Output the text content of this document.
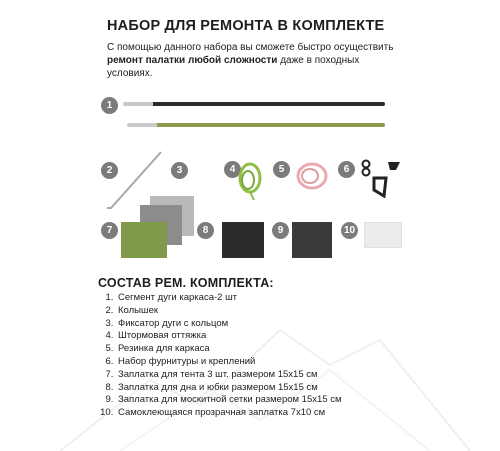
НАБОР ДЛЯ РЕМОНТА В КОМПЛЕКТЕ
С помощью данного набора вы сможете быстро осуществить ремонт палатки любой сложности даже в походных условиях.
1
2	3	4	5	6
7	8	9	10
СОСТАВ РЕМ. КОМПЛЕКТА:
1. Сегмент дуги каркаса-2 шт
2. Колышек
3. Фиксатор дуги с кольцом
4. Штормовая оттяжка
5. Резинка для каркаса
6. Набор фурнитуры и креплений
7. Заплатка для тента 3 шт. размером 15х15 см
8. Заплатка для дна и юбки размером 15х15 см
9. Заплатка для москитной сетки размером 15х15 см
10. Самоклеющаяся прозрачная заплатка 7х10 см
